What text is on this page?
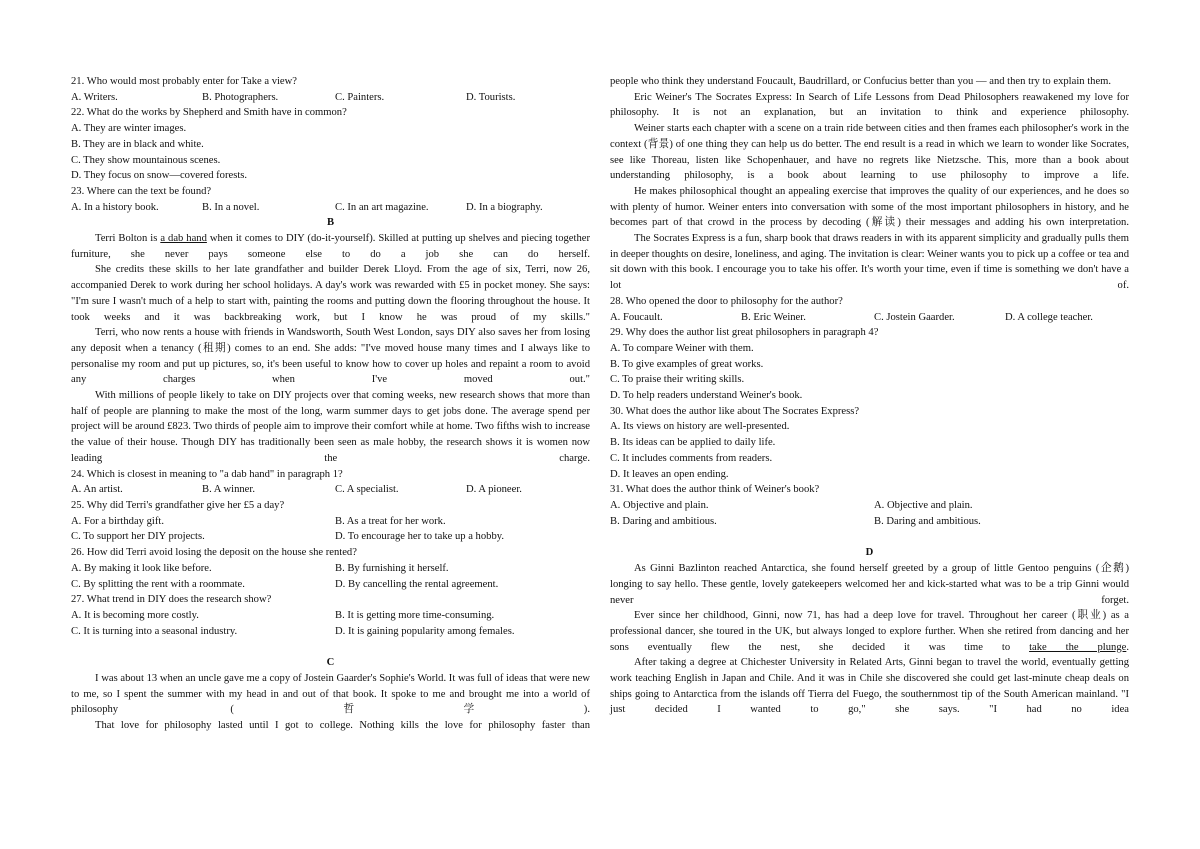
21. Who would most probably enter for Take a view?
A. Writers.	B. Photographers.	C. Painters.	D. Tourists.
22. What do the works by Shepherd and Smith have in common?
A. They are winter images.
B. They are in black and white.
C. They show mountainous scenes.
D. They focus on snow—covered forests.
23. Where can the text be found?
A. In a history book.	B. In a novel.	C. In an art magazine.	D. In a biography.
B
Terri Bolton is a dab hand when it comes to DIY (do-it-yourself). Skilled at putting up shelves and piecing together furniture, she never pays someone else to do a job she can do herself.
She credits these skills to her late grandfather and builder Derek Lloyd. From the age of six, Terri, now 26, accompanied Derek to work during her school holidays. A day's work was rewarded with £5 in pocket money. She says: "I'm sure I wasn't much of a help to start with, painting the rooms and putting down the flooring throughout the house. It took weeks and it was backbreaking work, but I know he was proud of my skills."
Terri, who now rents a house with friends in Wandsworth, South West London, says DIY also saves her from losing any deposit when a tenancy (租期) comes to an end. She adds: "I've moved house many times and I always like to personalise my room and put up pictures, so, it's been useful to know how to cover up holes and repaint a room to avoid any charges when I've moved out."
With millions of people likely to take on DIY projects over that coming weeks, new research shows that more than half of people are planning to make the most of the long, warm summer days to get jobs done. The average spend per project will be around £823. Two thirds of people aim to improve their comfort while at home. Two fifths wish to increase the value of their house. Though DIY has traditionally been seen as male hobby, the research shows it is women now leading the charge.
24. Which is closest in meaning to "a dab hand" in paragraph 1?
A. An artist.	B. A winner.	C. A specialist.	D. A pioneer.
25. Why did Terri's grandfather give her £5 a day?
A. For a birthday gift.	B. As a treat for her work.
C. To support her DIY projects.	D. To encourage her to take up a hobby.
26. How did Terri avoid losing the deposit on the house she rented?
A. By making it look like before.	B. By furnishing it herself.
C. By splitting the rent with a roommate.	D. By cancelling the rental agreement.
27. What trend in DIY does the research show?
A. It is becoming more costly.	B. It is getting more time-consuming.
C. It is turning into a seasonal industry.	D. It is gaining popularity among females.
C
I was about 13 when an uncle gave me a copy of Jostein Gaarder's Sophie's World. It was full of ideas that were new to me, so I spent the summer with my head in and out of that book. It spoke to me and brought me into a world of philosophy (哲学).
That love for philosophy lasted until I got to college. Nothing kills the love for philosophy faster than
people who think they understand Foucault, Baudrillard, or Confucius better than you — and then try to explain them.
Eric Weiner's The Socrates Express: In Search of Life Lessons from Dead Philosophers reawakened my love for philosophy. It is not an explanation, but an invitation to think and experience philosophy.
Weiner starts each chapter with a scene on a train ride between cities and then frames each philosopher's work in the context (背景) of one thing they can help us do better. The end result is a read in which we learn to wonder like Socrates, see like Thoreau, listen like Schopenhauer, and have no regrets like Nietzsche. This, more than a book about understanding philosophy, is a book about learning to use philosophy to improve a life.
He makes philosophical thought an appealing exercise that improves the quality of our experiences, and he does so with plenty of humor. Weiner enters into conversation with some of the most important philosophers in history, and he becomes part of that crowd in the process by decoding (解读) their messages and adding his own interpretation.
The Socrates Express is a fun, sharp book that draws readers in with its apparent simplicity and gradually pulls them in deeper thoughts on desire, loneliness, and aging. The invitation is clear: Weiner wants you to pick up a coffee or tea and sit down with this book. I encourage you to take his offer. It's worth your time, even if time is something we don't have a lot of.
28. Who opened the door to philosophy for the author?
A. Foucault.	B. Eric Weiner.	C. Jostein Gaarder.	D. A college teacher.
29. Why does the author list great philosophers in paragraph 4?
A. To compare Weiner with them.
B. To give examples of great works.
C. To praise their writing skills.
D. To help readers understand Weiner's book.
30. What does the author like about The Socrates Express?
A. Its views on history are well-presented.
B. Its ideas can be applied to daily life.
C. It includes comments from readers.
D. It leaves an open ending.
31. What does the author think of Weiner's book?
A. Objective and plain.	A. Objective and plain.
B. Daring and ambitious.	B. Daring and ambitious.
D
As Ginni Bazlinton reached Antarctica, she found herself greeted by a group of little Gentoo penguins (企鹅) longing to say hello. These gentle, lovely gatekeepers welcomed her and kick-started what was to be a trip Ginni would never forget.
Ever since her childhood, Ginni, now 71, has had a deep love for travel. Throughout her career (职业) as a professional dancer, she toured in the UK, but always longed to explore further. When she retired from dancing and her sons eventually flew the nest, she decided it was time to take the plunge.
After taking a degree at Chichester University in Related Arts, Ginni began to travel the world, eventually getting work teaching English in Japan and Chile. And it was in Chile she discovered she could get last-minute cheap deals on ships going to Antarctica from the islands off Tierra del Fuego, the southernmost tip of the South American mainland. "I just decided I wanted to go," she says. "I had no idea
